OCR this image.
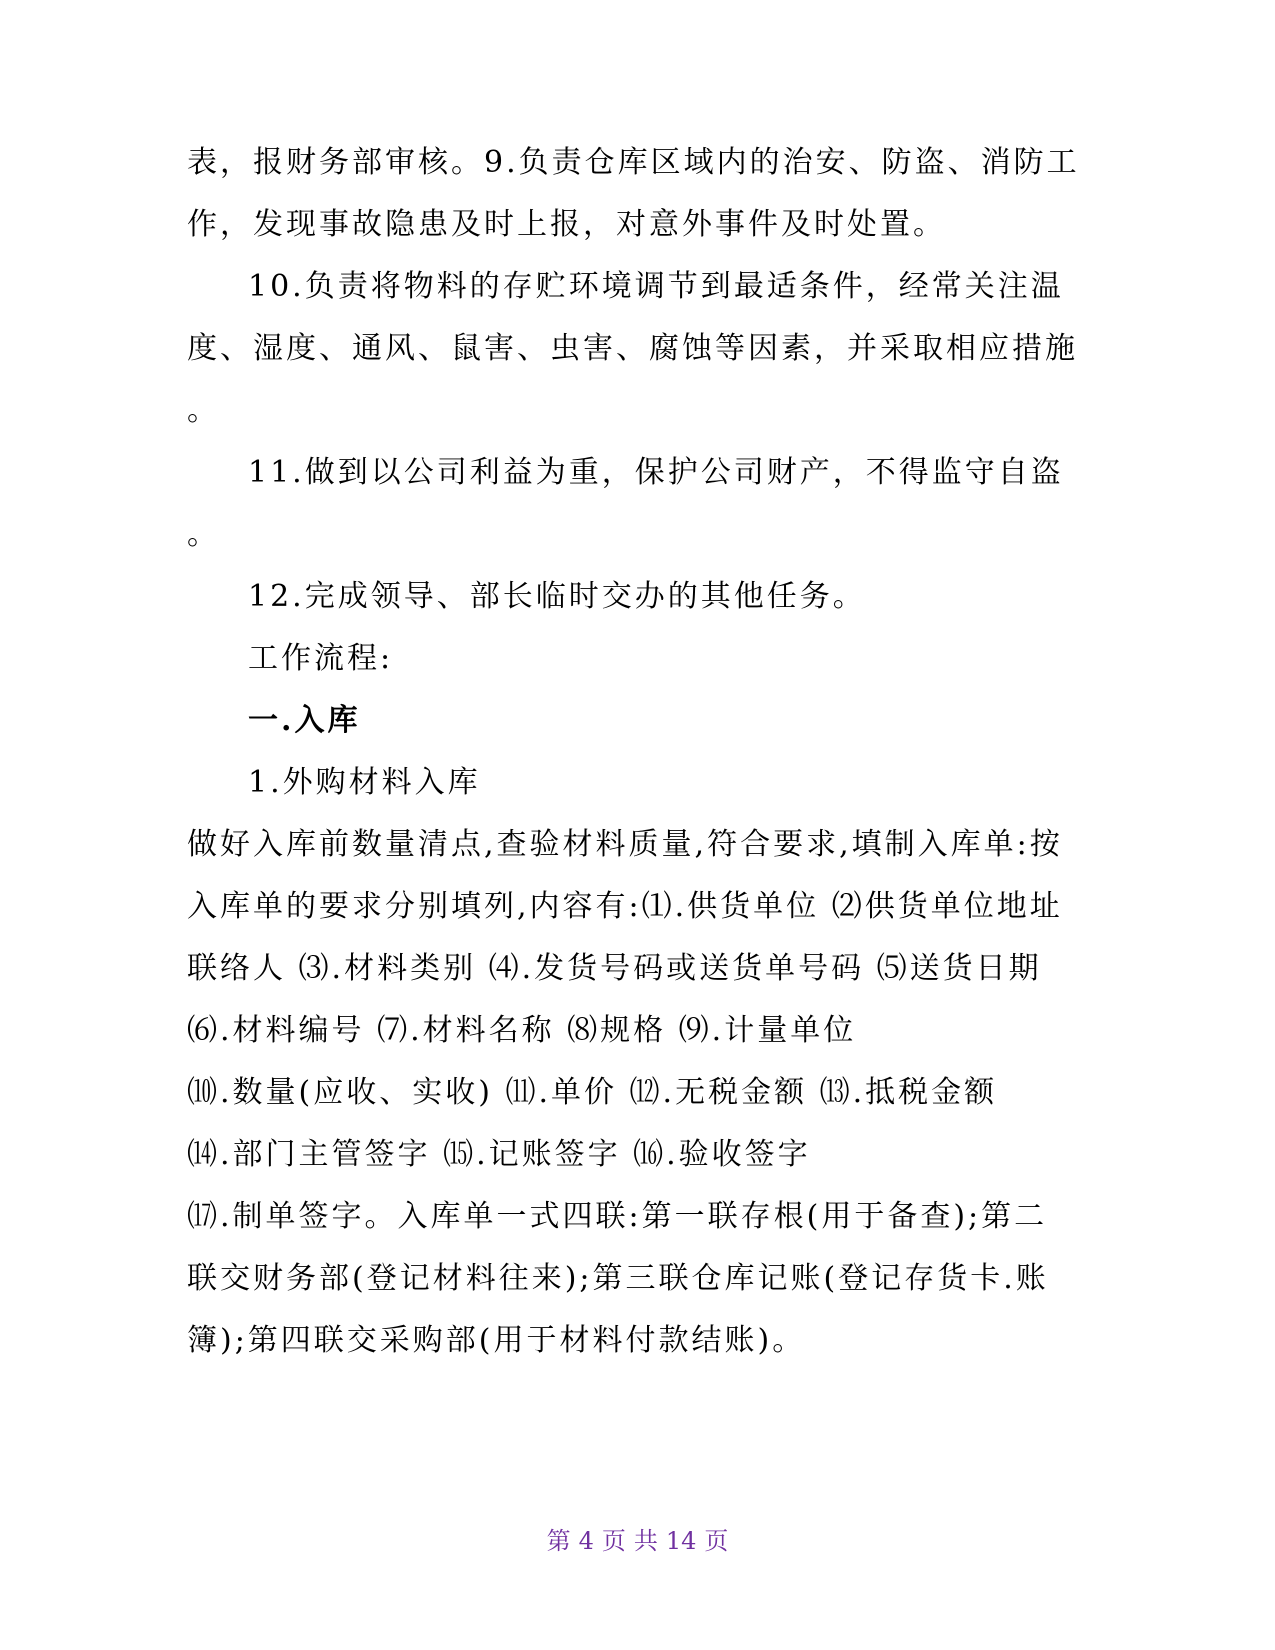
表，报财务部审核。9.负责仓库区域内的治安、防盗、消防工
作，发现事故隐患及时上报，对意外事件及时处置。
10.负责将物料的存贮环境调节到最适条件，经常关注温
度、湿度、通风、鼠害、虫害、腐蚀等因素，并采取相应措施
。
11.做到以公司利益为重，保护公司财产，不得监守自盗
。
12.完成领导、部长临时交办的其他任务。
工作流程:
一.入库
1.外购材料入库
做好入库前数量清点,查验材料质量,符合要求,填制入库单:按
入库单的要求分别填列,内容有:⑴.供货单位 ⑵供货单位地址
联络人 ⑶.材料类别 ⑷.发货号码或送货单号码 ⑸送货日期
⑹.材料编号 ⑺.材料名称 ⑻规格 ⑼.计量单位
⑽.数量(应收、实收) ⑾.单价 ⑿.无税金额 ⒀.抵税金额
⒁.部门主管签字 ⒂.记账签字 ⒃.验收签字
⒄.制单签字。入库单一式四联:第一联存根(用于备查);第二
联交财务部(登记材料往来);第三联仓库记账(登记存货卡.账
簿);第四联交采购部(用于材料付款结账)。
第 4 页 共 14 页
